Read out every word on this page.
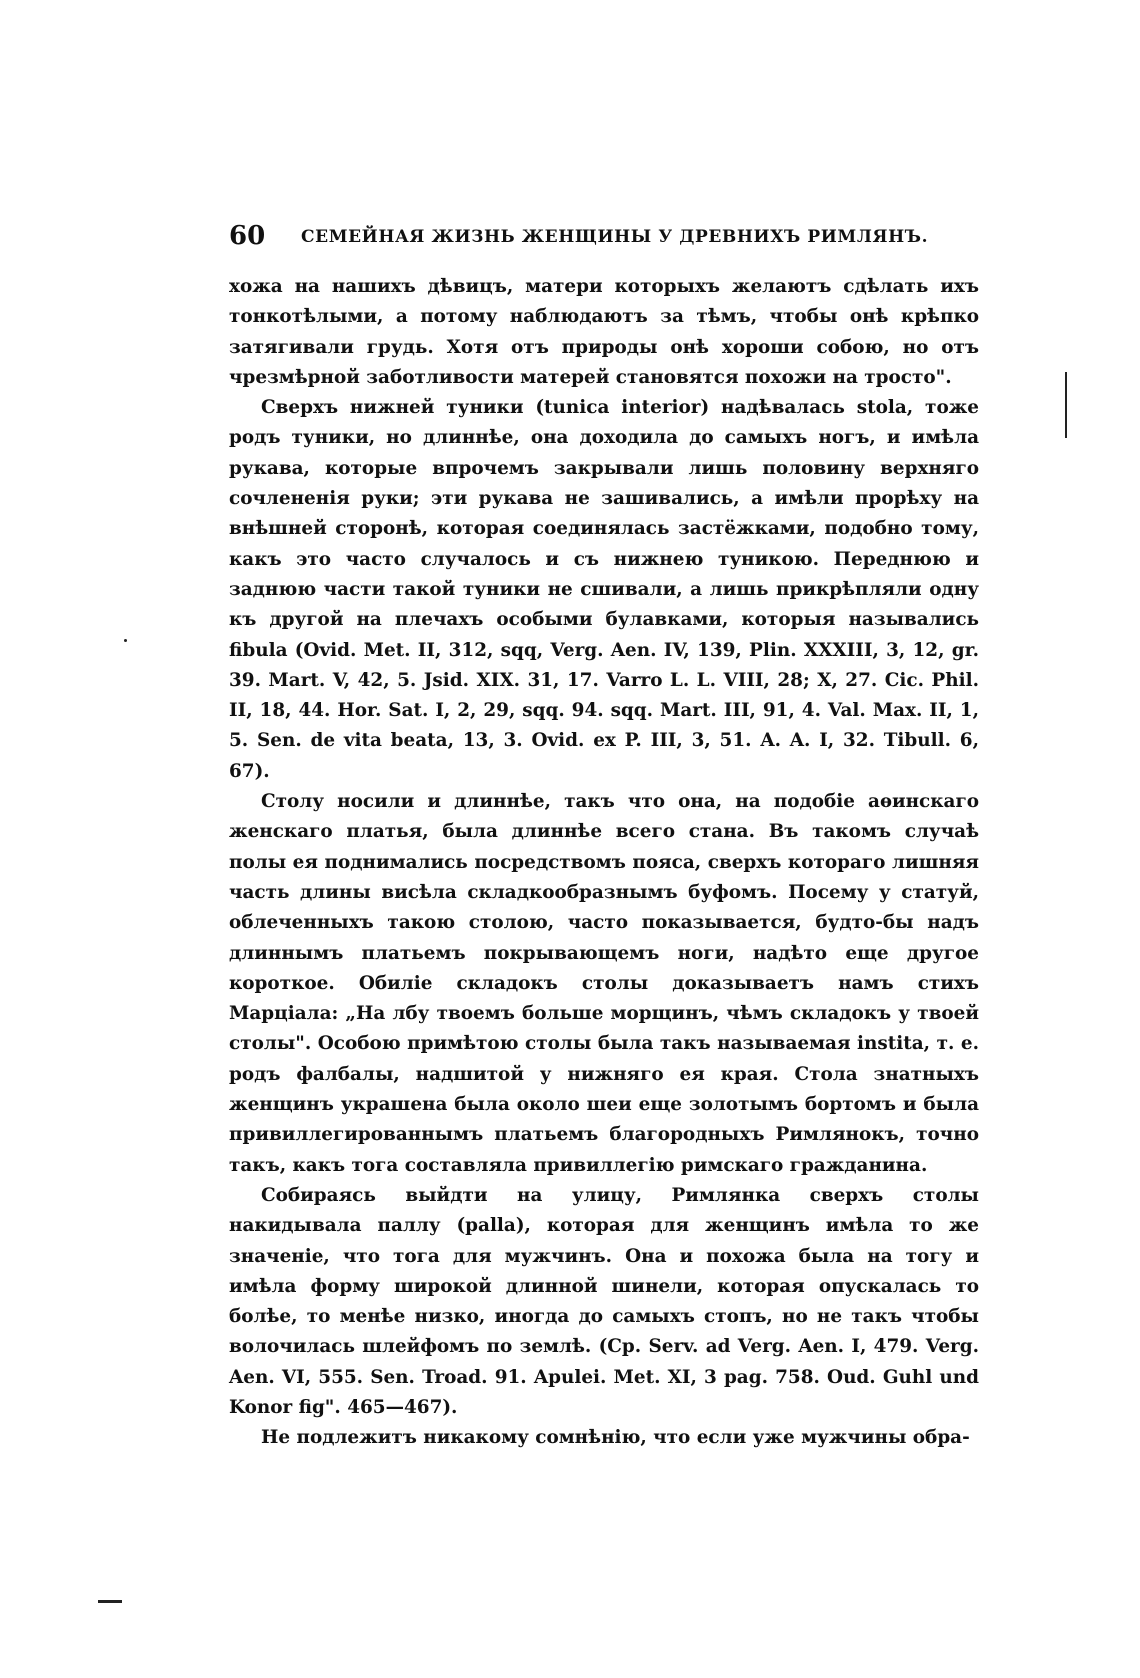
60 СЕМЕЙНАЯ ЖИЗНЬ ЖЕНЩИНЫ У ДРЕВНИХЪ РИМЛЯНЪ.

хожа на нашихъ дѣвицъ, матери которыхъ желаютъ сдѣлать ихъ тонкотѣлыми, а потому наблюдаютъ за тѣмъ, чтобы онѣ крѣпко затягивали грудь. Хотя отъ природы онѣ хороши собою, но отъ чрезмѣрной заботливости матерей становятся похожи на тросто".

Сверхъ нижней туники (tunica interior) надѣвалась stola, тоже родъ туники, но длиннѣе, она доходила до самыхъ ногъ, и имѣла рукава, которые впрочемъ закрывали лишь половину верхняго сочлененія руки; эти рукава не зашивались, а имѣли прорѣху на внѣшней сторонѣ, которая соединялась застёжками, подобно тому, какъ это часто случалось и съ нижнею туникою. Переднюю и заднюю части такой туники не сшивали, а лишь прикрѣпляли одну къ другой на плечахъ особыми булавками, которыя назывались fibula (Ovid. Met. II, 312, sqq, Verg. Aen. IV, 139, Plin. XXXIII, 3, 12, gr. 39. Mart. V, 42, 5. Jsid. XIX. 31, 17. Varro L. L. VIII, 28; X, 27. Cic. Phil. II, 18, 44. Hor. Sat. I, 2, 29, sqq. 94. sqq. Mart. III, 91, 4. Val. Max. II, 1, 5. Sen. de vita beata, 13, 3. Ovid. ex P. III, 3, 51. A. A. I, 32. Tibull. 6, 67).

Столу носили и длиннѣе, такъ что она, на подобіе аѳинскаго женскаго платья, была длиннѣе всего стана. Въ такомъ случаѣ полы ея поднимались посредствомъ пояса, сверхъ котораго лишняя часть длины висѣла складкообразнымъ буфомъ. Посему у статуй, облеченныхъ такою столою, часто показывается, будто-бы надъ длиннымъ платьемъ покрывающемъ ноги, надѣто еще другое короткое. Обиліе складокъ столы доказываетъ намъ стихъ Марціала: „На лбу твоемъ больше морщинъ, чѣмъ складокъ у твоей столы". Особою примѣтою столы была такъ называемая institа, т. е. родъ фалбалы, надшитой у нижняго ея края. Стола знатныхъ женщинъ украшена была около шеи еще золотымъ бортомъ и была привиллегированнымъ платьемъ благородныхъ Римлянокъ, точно такъ, какъ тога составляла привиллегію римскаго гражданина.

Собираясь выйдти на улицу, Римлянка сверхъ столы накидывала паллу (palla), которая для женщинъ имѣла то же значеніе, что тога для мужчинъ. Она и похожа была на тогу и имѣла форму широкой длинной шинели, которая опускалась то болѣе, то менѣе низко, иногда до самыхъ стопъ, но не такъ чтобы волочилась шлейфомъ по землѣ. (Ср. Serv. ad Verg. Aen. I, 479. Verg. Aen. VI, 555. Sen. Troad. 91. Apulei. Met. XI, 3 pag. 758. Oud. Guhl und Konor fig". 465—467).

Не подлежитъ никакому сомнѣнію, что если уже мужчины обра-
